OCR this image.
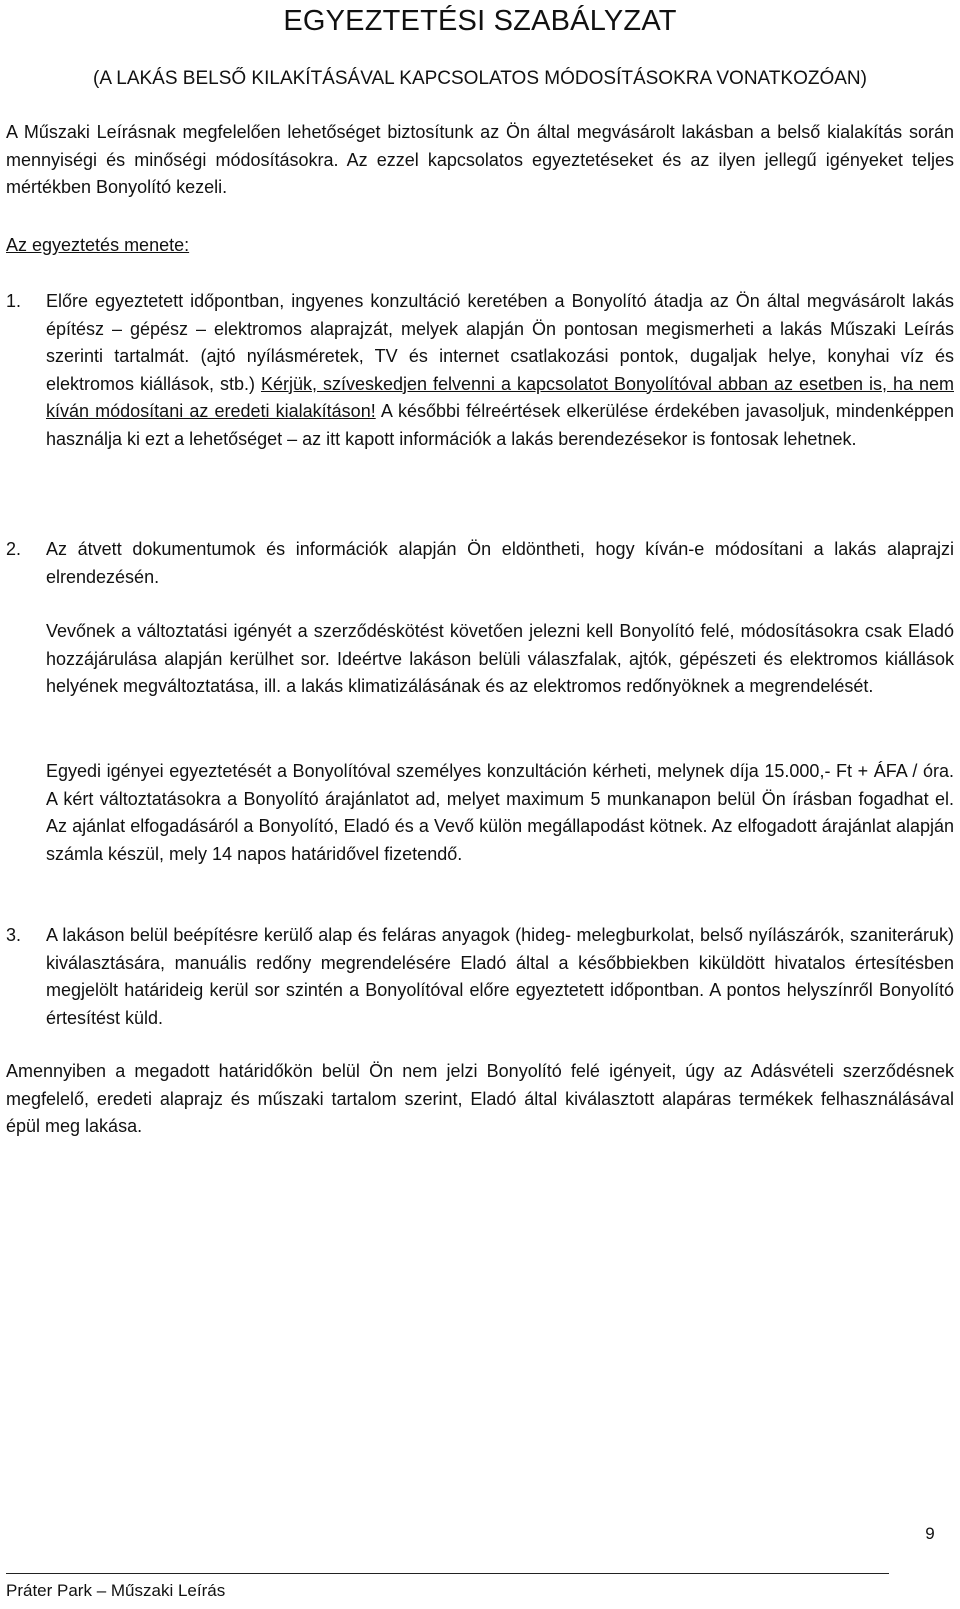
EGYEZTETÉSI SZABÁLYZAT
(A LAKÁS BELSŐ KILAKÍTÁSÁVAL KAPCSOLATOS MÓDOSÍTÁSOKRA VONATKOZÓAN)
A Műszaki Leírásnak megfelelően lehetőséget biztosítunk az Ön által megvásárolt lakásban a belső kialakítás során mennyiségi és minőségi módosításokra. Az ezzel kapcsolatos egyeztetéseket és az ilyen jellegű igényeket teljes mértékben Bonyolító kezeli.
Az egyeztetés menete:
1.	Előre egyeztetett időpontban, ingyenes konzultáció keretében a Bonyolító átadja az Ön által megvásárolt lakás építész – gépész – elektromos alaprajzát, melyek alapján Ön pontosan megismerheti a lakás Műszaki Leírás szerinti tartalmát. (ajtó nyílásméretek, TV és internet csatlakozási pontok, dugaljak helye, konyhai víz és elektromos kiállások, stb.) Kérjük, szíveskedjen felvenni a kapcsolatot Bonyolítóval abban az esetben is, ha nem kíván módosítani az eredeti kialakításon! A későbbi félreértések elkerülése érdekében javasoljuk, mindenképpen használja ki ezt a lehetőséget – az itt kapott információk a lakás berendezésekor is fontosak lehetnek.
2.	Az átvett dokumentumok és információk alapján Ön eldöntheti, hogy kíván-e módosítani a lakás alaprajzi elrendezésén.
Vevőnek a változtatási igényét a szerződéskötést követően jelezni kell Bonyolító felé, módosításokra csak Eladó hozzájárulása alapján kerülhet sor. Ideértve lakáson belüli válaszfalak, ajtók, gépészeti és elektromos kiállások helyének megváltoztatása, ill. a lakás klimatizálásának és az elektromos redőnyöknek a megrendelését.
Egyedi igényei egyeztetését a Bonyolítóval személyes konzultáción kérheti, melynek díja 15.000,- Ft + ÁFA / óra. A kért változtatásokra a Bonyolító árajánlatot ad, melyet maximum 5 munkanapon belül Ön írásban fogadhat el. Az ajánlat elfogadásáról a Bonyolító, Eladó és a Vevő külön megállapodást kötnek. Az elfogadott árajánlat alapján számla készül, mely 14 napos határidővel fizetendő.
3.	A lakáson belül beépítésre kerülő alap és feláras anyagok (hideg- melegburkolat, belső nyílászárók, szaniteráruk) kiválasztására, manuális redőny megrendelésére Eladó által a későbbiekben kiküldött hivatalos értesítésben megjelölt határideig kerül sor szintén a Bonyolítóval előre egyeztetett időpontban. A pontos helyszínről Bonyolító értesítést küld.
Amennyiben a megadott határidőkön belül Ön nem jelzi Bonyolító felé igényeit, úgy az Adásvételi szerződésnek megfelelő, eredeti alaprajz és műszaki tartalom szerint, Eladó által kiválasztott alapáras termékek felhasználásával épül meg lakása.
9
Práter Park – Műszaki Leírás
